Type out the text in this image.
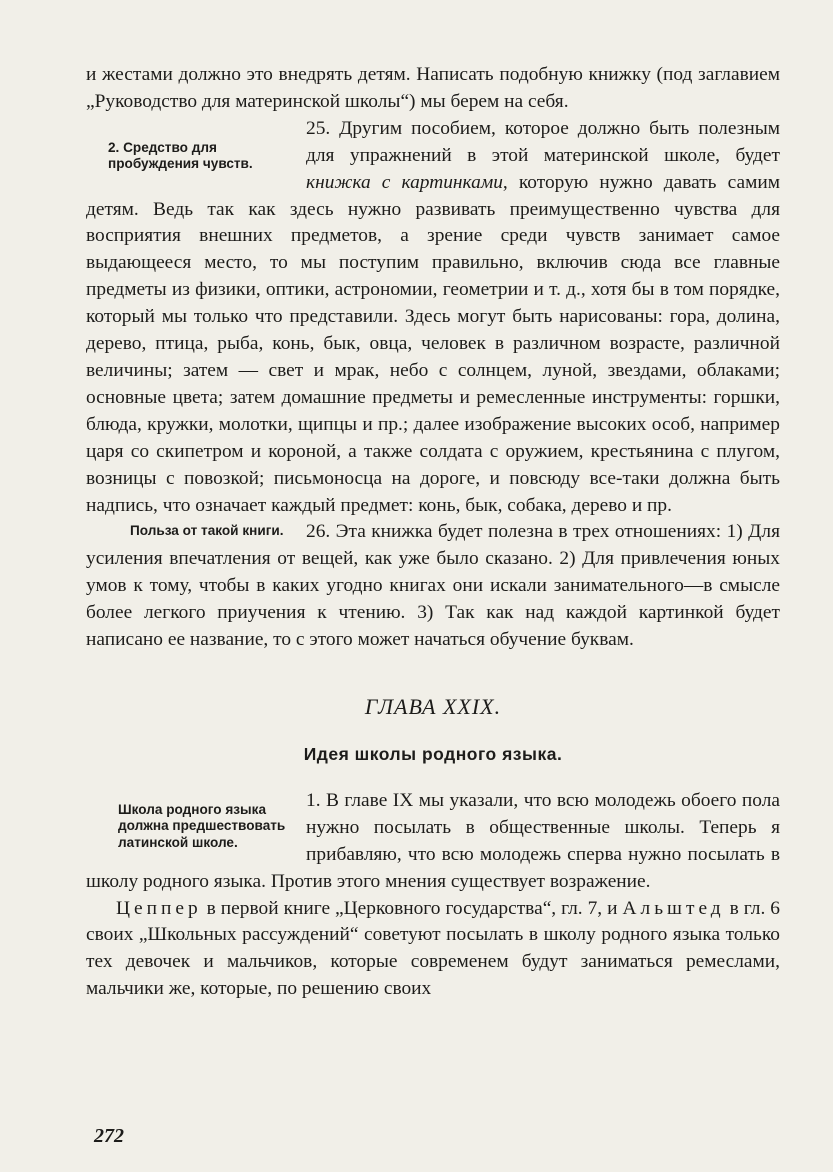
и жестами должно это внедрять детям. Написать подобную книжку (под заглавием „Руководство для материнской школы“) мы берем на себя.

2. Средство для пробуждения чувств.

25. Другим пособием, которое должно быть полезным для упражнений в этой материнской школе, будет книжка с картинками, которую нужно давать самим детям. Ведь так как здесь нужно развивать преимущественно чувства для восприятия внешних предметов, а зрение среди чувств занимает самое выдающееся место, то мы поступим правильно, включив сюда все главные предметы из физики, оптики, астрономии, геометрии и т. д., хотя бы в том порядке, который мы только что представили. Здесь могут быть нарисованы: гора, долина, дерево, птица, рыба, конь, бык, овца, человек в различном возрасте, различной величины; затем — свет и мрак, небо с солнцем, луной, звездами, облаками; основные цвета; затем домашние предметы и ремесленные инструменты: горшки, блюда, кружки, молотки, щипцы и пр.; далее изображение высоких особ, например царя со скипетром и короной, а также солдата с оружием, крестьянина с плугом, возницы с повозкой; письмоносца на дороге, и повсюду все-таки должна быть надпись, что означает каждый предмет: конь, бык, собака, дерево и пр.

Польза от такой книги.	26. Эта книжка будет полезна в трех отношениях: 1) Для усиления впечатления от вещей, как уже было сказано. 2) Для привлечения юных умов к тому, чтобы в каких угодно книгах они искали занимательного—в смысле более легкого приучения к чтению. 3) Так как над каждой картинкой будет написано ее название, то с этого может начаться обучение буквам.

ГЛАВА XXIX.
Идея школы родного языка.
Школа родного языка должна предшествовать латинской школе.

1. В главе IX мы указали, что всю молодежь обоего пола нужно посылать в общественные школы. Теперь я прибавляю, что всю молодежь сперва нужно посылать в школу родного языка. Против этого мнения существует возражение.

Цеппер в первой книге „Церковного государства“, гл. 7, и Альштед в гл. 6 своих „Школьных рассуждений“ советуют посылать в школу родного языка только тех девочек и мальчиков, которые современем будут заниматься ремеслами, мальчики же, которые, по решению своих

272
